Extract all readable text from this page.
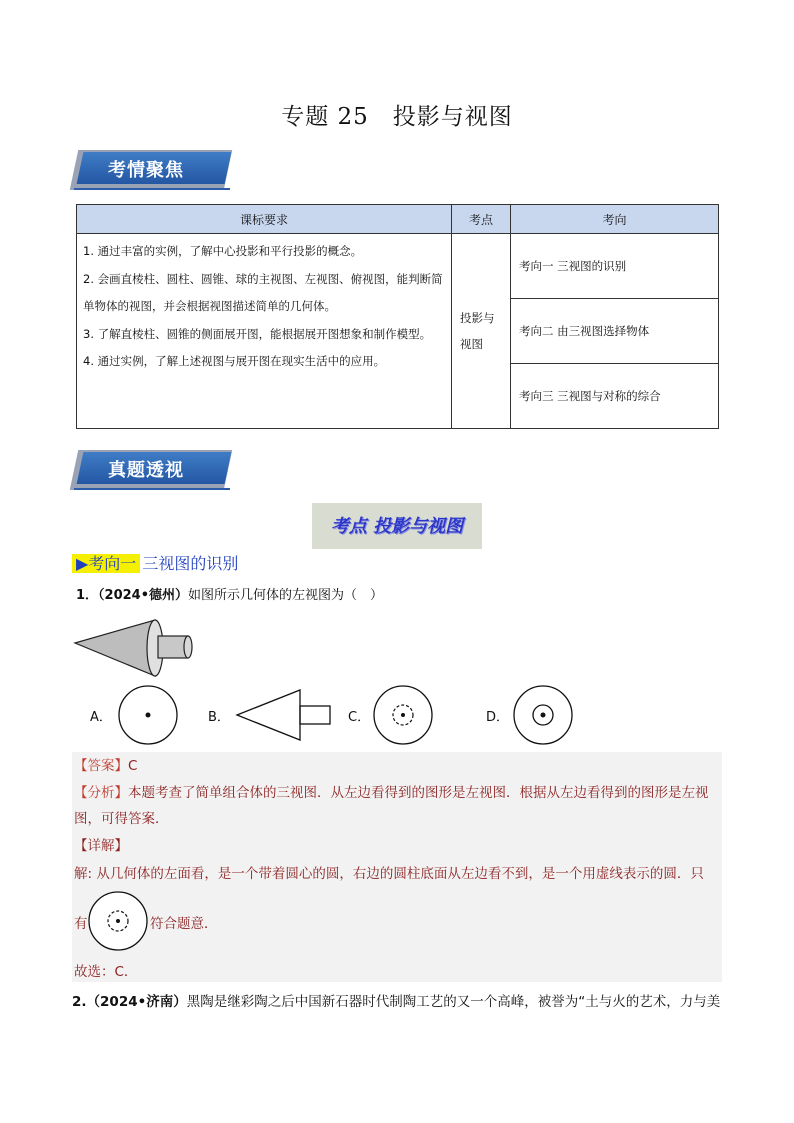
专题 25　投影与视图
考情聚焦
课标要求	考点	考向

1. 通过丰富的实例，了解中心投影和平行投影的概念。
2. 会画直棱柱、圆柱、圆锥、球的主视图、左视图、俯视图，能判断简单物体的视图，并会根据视图描述简单的几何体。
3. 了解直棱柱、圆锥的侧面展开图，能根据展开图想象和制作模型。
4. 通过实例，了解上述视图与展开图在现实生活中的应用。	投影与视图	考向一 三视图的识别
		考向二 由三视图选择物体
		考向三 三视图与对称的综合
真题透视
考点 投影与视图
▶考向一 三视图的识别
1．（2024•德州）如图所示几何体的左视图为（　）
A．	B．	C．	D．
【答案】C
【分析】本题考查了简单组合体的三视图．从左边看得到的图形是左视图．根据从左边看得到的图形是左视图，可得答案．
【详解】
解: 从几何体的左面看，是一个带着圆心的圆，右边的圆柱底面从左边看不到，是一个用虚线表示的圆．只
有	符合题意．
故选：C．
2.（2024•济南）黑陶是继彩陶之后中国新石器时代制陶工艺的又一个高峰，被誉为“土与火的艺术，力与美
